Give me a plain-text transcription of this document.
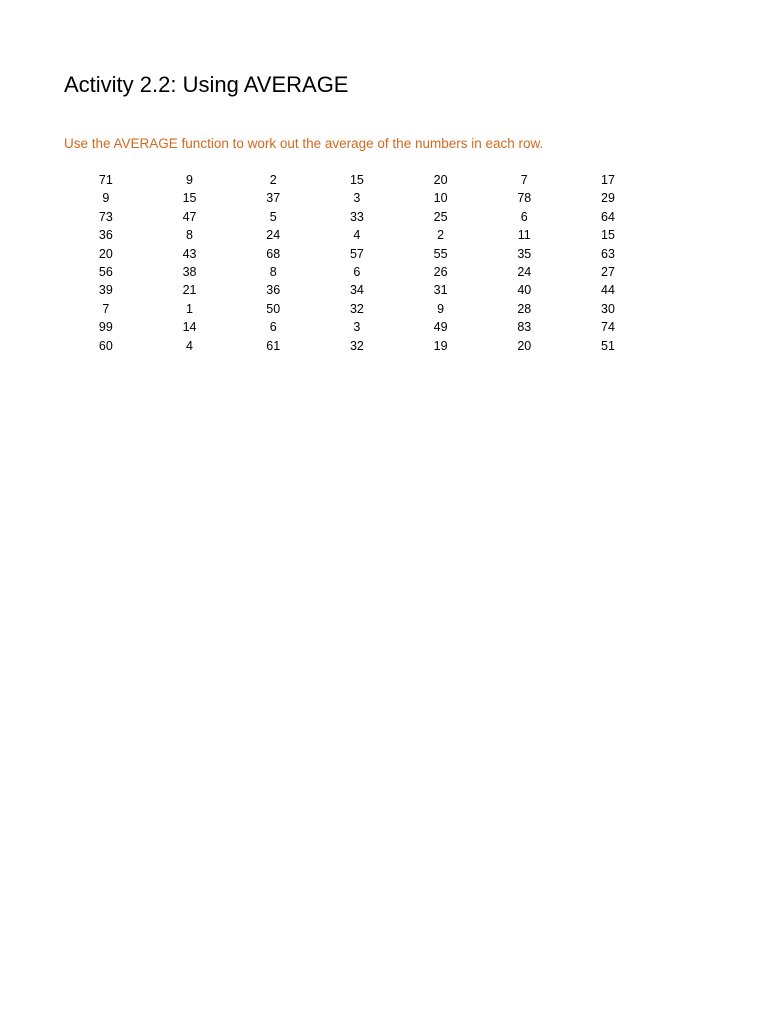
Activity 2.2: Using AVERAGE

Use the AVERAGE function to work out the average of the numbers in each row.

71	9	2	15	20	7	17
9	15	37	3	10	78	29
73	47	5	33	25	6	64
36	8	24	4	2	11	15
20	43	68	57	55	35	63
56	38	8	6	26	24	27
39	21	36	34	31	40	44
7	1	50	32	9	28	30
99	14	6	3	49	83	74
60	4	61	32	19	20	51
